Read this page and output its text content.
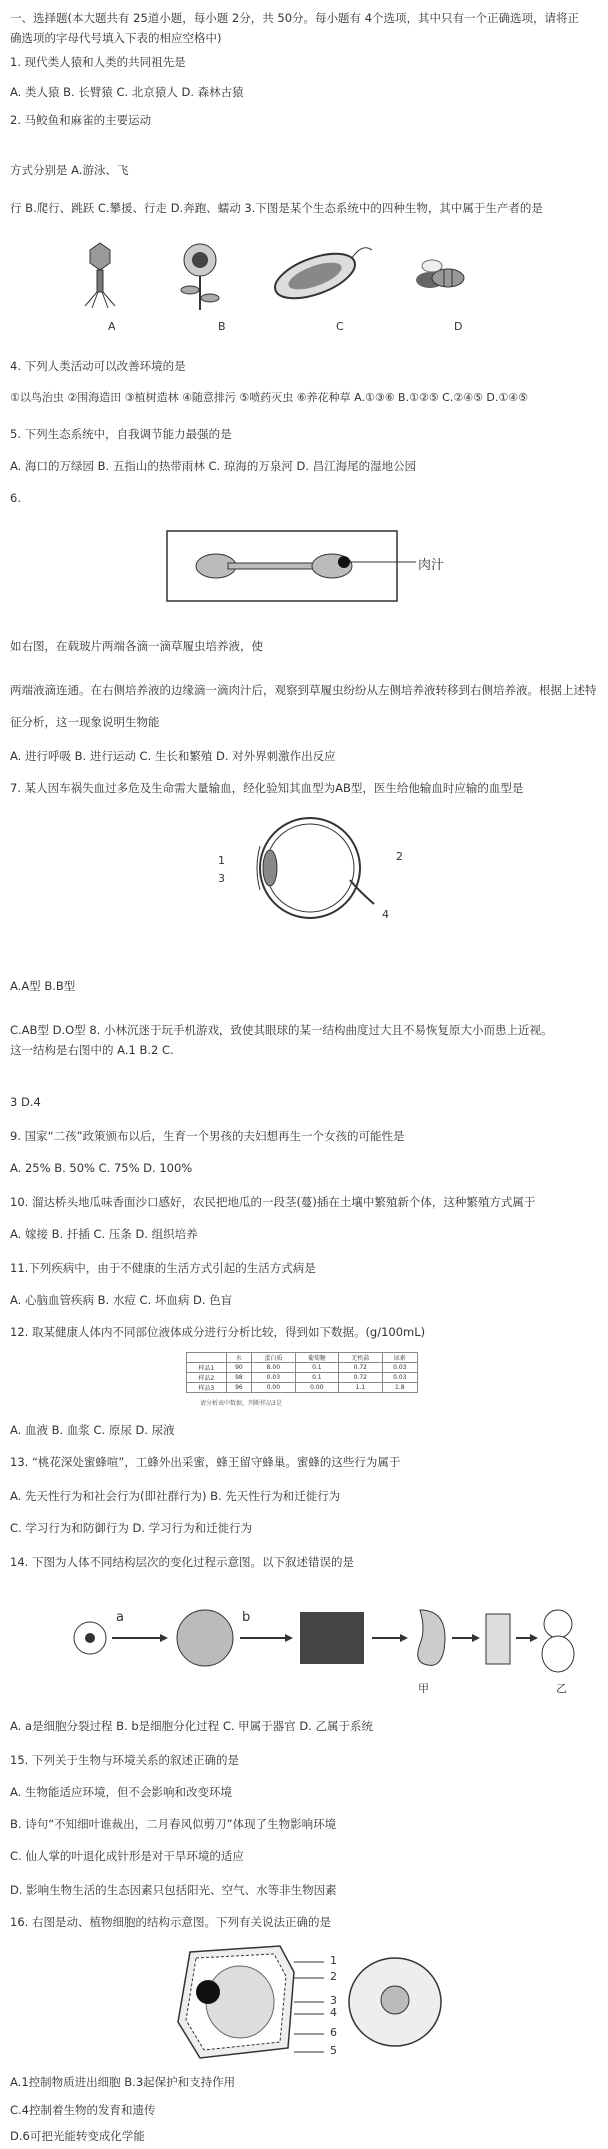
一、选择题(本大题共有 25道小题，每小题 2分，共 50分。每小题有 4个选项，其中只有一个正确选项，请将正
确选项的字母代号填入下表的相应空格中)
1. 现代类人猿和人类的共同祖先是
A. 类人猿 B. 长臂猿 C. 北京猿人 D. 森林古猿
2. 马鲛鱼和麻雀的主要运动
方式分别是 A.游泳、飞
行 B.爬行、跳跃 C.攀援、行走 D.奔跑、蠕动 3.下图是某个生态系统中的四种生物，其中属于生产者的是
A	B	C	D
4. 下列人类活动可以改善环境的是
①以鸟治虫 ②围海造田 ③植树造林 ④随意排污 ⑤喷药灭虫 ⑥养花种草 A.①③⑥ B.①②⑤ C.②④⑤ D.①④⑤
5. 下列生态系统中，自我调节能力最强的是
A. 海口的万绿园 B. 五指山的热带雨林 C. 琼海的万泉河 D. 昌江海尾的湿地公园
6.
肉汁
如右图，在载玻片两端各滴一滴草履虫培养液，使
两端液滴连通。在右侧培养液的边缘滴一滴肉汁后，观察到草履虫纷纷从左侧培养液转移到右侧培养液。根据上述特
征分析，这一现象说明生物能
A. 进行呼吸 B. 进行运动 C. 生长和繁殖 D. 对外界刺激作出反应
7. 某人因车祸失血过多危及生命需大量输血，经化验知其血型为AB型，医生给他输血时应输的血型是
1	2
3
4
A.A型 B.B型
C.AB型 D.O型 8. 小林沉迷于玩手机游戏，致使其眼球的某一结构曲度过大且不易恢复原大小而患上近视。
这一结构是右图中的 A.1 B.2 C.
3 D.4
9. 国家“二孩”政策颁布以后，生育一个男孩的夫妇想再生一个女孩的可能性是
A. 25% B. 50% C. 75% D. 100%
10. 溜达桥头地瓜味香面沙口感好，农民把地瓜的一段茎(蔓)插在土壤中繁殖新个体，这种繁殖方式属于
A. 嫁接 B. 扦插 C. 压条 D. 组织培养
11.下列疾病中，由于不健康的生活方式引起的生活方式病是
A. 心脑血管疾病 B. 水痘 C. 坏血病 D. 色盲
12. 取某健康人体内不同部位液体成分进行分析比较，得到如下数据。(g/100mL)
	水	蛋白质	葡萄糖	无机盐	尿素
样品1	90	8.00	0.1	0.72	0.03
样品2	98	0.03	0.1	0.72	0.03
样品3	96	0.00	0.00	1.1	1.8
请分析表中数据，判断样品3是
A. 血液 B. 血浆 C. 原尿 D. 尿液
13. “桃花深处蜜蜂喧”，工蜂外出采蜜，蜂王留守蜂巢。蜜蜂的这些行为属于
A. 先天性行为和社会行为(即社群行为) B. 先天性行为和迁徙行为
C. 学习行为和防御行为 D. 学习行为和迁徙行为
14. 下图为人体不同结构层次的变化过程示意图。以下叙述错误的是
a	b
甲	乙
A. a是细胞分裂过程 B. b是细胞分化过程 C. 甲属于器官 D. 乙属于系统
15. 下列关于生物与环境关系的叙述正确的是
A. 生物能适应环境，但不会影响和改变环境
B. 诗句“不知细叶谁裁出，二月春风似剪刀”体现了生物影响环境
C. 仙人掌的叶退化成针形是对干旱环境的适应
D. 影响生物生活的生态因素只包括阳光、空气、水等非生物因素
16. 右图是动、植物细胞的结构示意图。下列有关说法正确的是
1
2
3
4
5
6
A.1控制物质进出细胞 B.3起保护和支持作用
C.4控制着生物的发育和遗传
D.6可把光能转变成化学能
